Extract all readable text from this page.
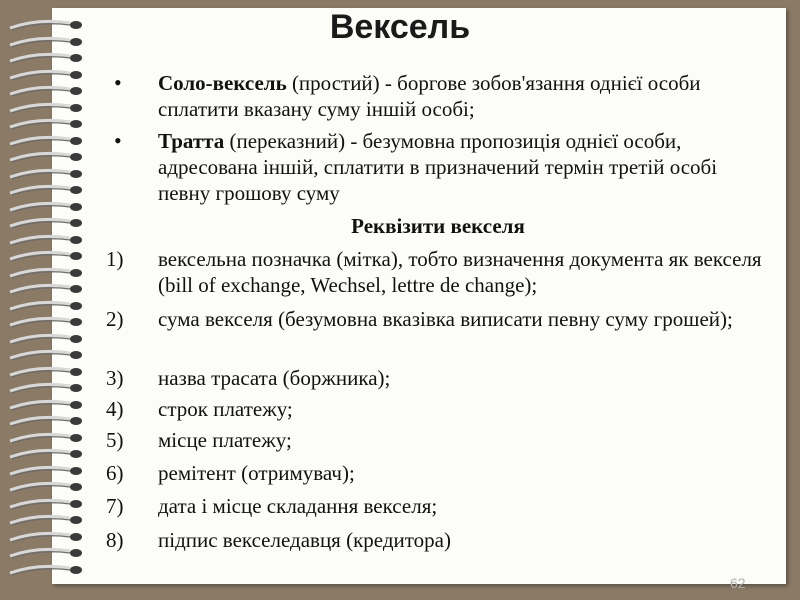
Вексель
• Соло-вексель (простий) - боргове зобов'язання однієї особи сплатити вказану суму іншій особі;
• Тратта (переказний) - безумовна пропозиція однієї особи, адресована іншій, сплатити в призначений термін третій особі певну грошову суму
Реквізити векселя
1) вексельна позначка (мітка), тобто визначення документа як векселя (bill of exchange, Wechsel, lettre de change);
2) сума векселя (безумовна вказівка виписати певну суму грошей);
3) назва трасата (боржника);
4) строк платежу;
5) місце платежу;
6) ремітент (отримувач);
7) дата і місце складання векселя;
8) підпис векселедавця (кредитора)
62
